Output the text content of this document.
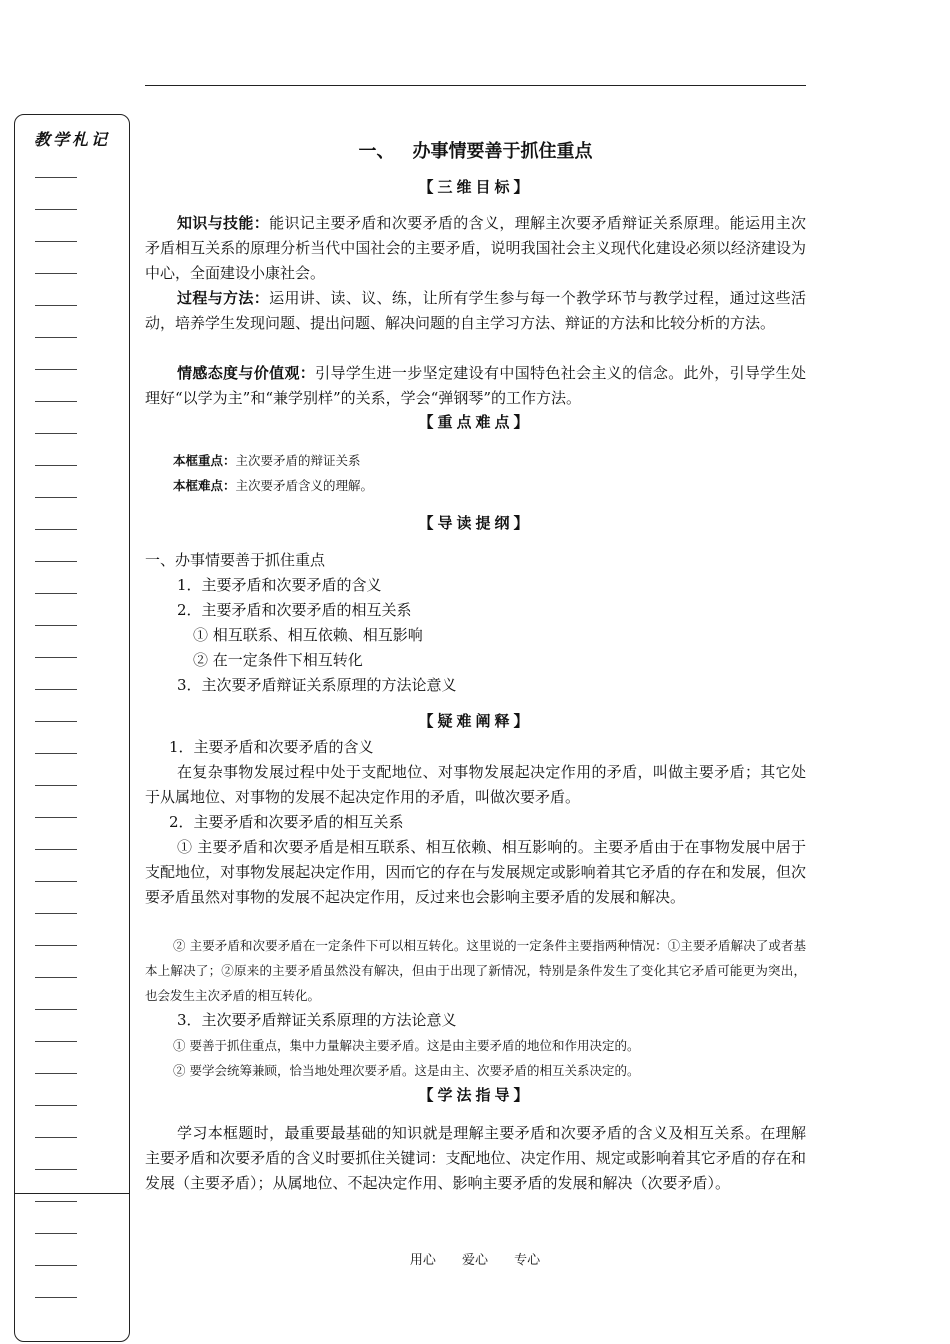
教学札记
一、 办事情要善于抓住重点
【三维目标】
知识与技能：能识记主要矛盾和次要矛盾的含义，理解主次要矛盾辩证关系原理。能运用主次矛盾相互关系的原理分析当代中国社会的主要矛盾，说明我国社会主义现代化建设必须以经济建设为中心，全面建设小康社会。
过程与方法：运用讲、读、议、练，让所有学生参与每一个教学环节与教学过程，通过这些活动，培养学生发现问题、提出问题、解决问题的自主学习方法、辩证的方法和比较分析的方法。
情感态度与价值观：引导学生进一步坚定建设有中国特色社会主义的信念。此外，引导学生处理好“以学为主”和“兼学别样”的关系，学会“弹钢琴”的工作方法。
【重点难点】
本框重点：主次要矛盾的辩证关系
本框难点：主次要矛盾含义的理解。
【导读提纲】
一、办事情要善于抓住重点
1．主要矛盾和次要矛盾的含义
2．主要矛盾和次要矛盾的相互关系
① 相互联系、相互依赖、相互影响
② 在一定条件下相互转化
3．主次要矛盾辩证关系原理的方法论意义
【疑难阐释】
1．主要矛盾和次要矛盾的含义
在复杂事物发展过程中处于支配地位、对事物发展起决定作用的矛盾，叫做主要矛盾；其它处于从属地位、对事物的发展不起决定作用的矛盾，叫做次要矛盾。
2．主要矛盾和次要矛盾的相互关系
① 主要矛盾和次要矛盾是相互联系、相互依赖、相互影响的。主要矛盾由于在事物发展中居于支配地位，对事物发展起决定作用，因而它的存在与发展规定或影响着其它矛盾的存在和发展，但次要矛盾虽然对事物的发展不起决定作用，反过来也会影响主要矛盾的发展和解决。
② 主要矛盾和次要矛盾在一定条件下可以相互转化。这里说的一定条件主要指两种情况：①主要矛盾解决了或者基本上解决了；②原来的主要矛盾虽然没有解决，但由于出现了新情况，特别是条件发生了变化其它矛盾可能更为突出，也会发生主次矛盾的相互转化。
3．主次要矛盾辩证关系原理的方法论意义
① 要善于抓住重点，集中力量解决主要矛盾。这是由主要矛盾的地位和作用决定的。
② 要学会统筹兼顾，恰当地处理次要矛盾。这是由主、次要矛盾的相互关系决定的。
【学法指导】
学习本框题时，最重要最基础的知识就是理解主要矛盾和次要矛盾的含义及相互关系。在理解主要矛盾和次要矛盾的含义时要抓住关键词：支配地位、决定作用、规定或影响着其它矛盾的存在和发展（主要矛盾）；从属地位、不起决定作用、影响主要矛盾的发展和解决（次要矛盾）。
用心 爱心 专心
